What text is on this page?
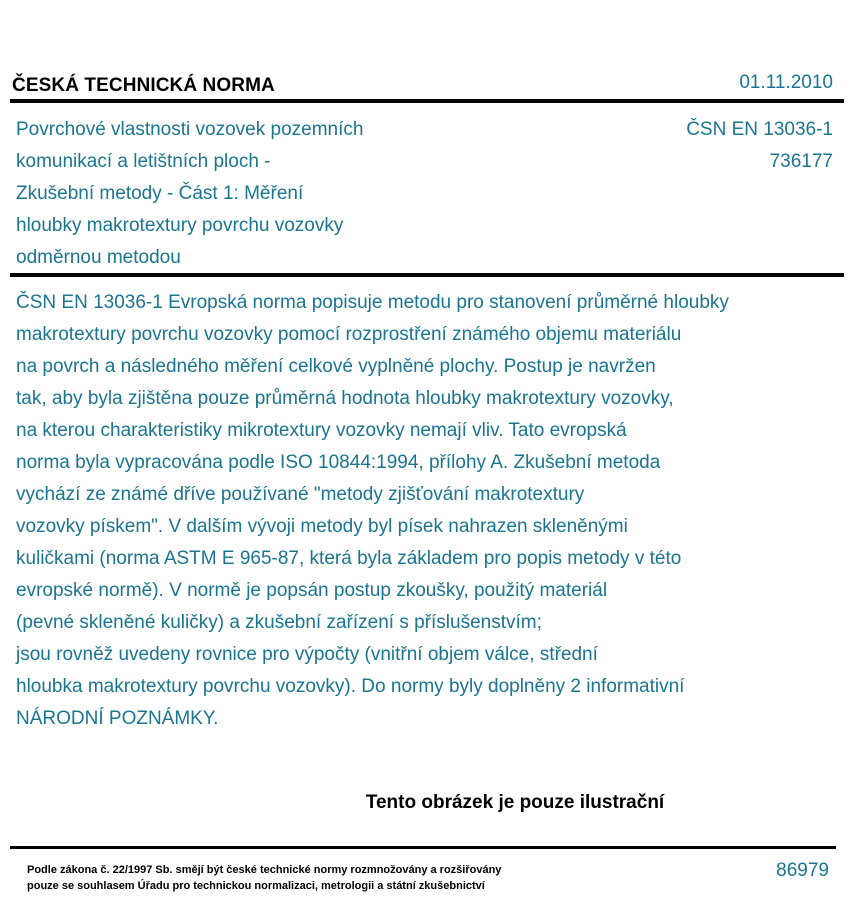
ČESKÁ TECHNICKÁ NORMA	01.11.2010
Povrchové vlastnosti vozovek pozemních
komunikací a letištních ploch -
Zkušební metody - Část 1: Měření
hloubky makrotextury povrchu vozovky
odměrnou metodou
ČSN EN 13036-1
736177
ČSN EN 13036-1 Evropská norma popisuje metodu pro stanovení průměrné hloubky
makrotextury povrchu vozovky pomocí rozprostření známého objemu materiálu
na povrch a následného měření celkové vyplněné plochy. Postup je navržen
tak, aby byla zjištěna pouze průměrná hodnota hloubky makrotextury vozovky,
na kterou charakteristiky mikrotextury vozovky nemají vliv. Tato evropská
norma byla vypracována podle ISO 10844:1994, přílohy A. Zkušební metoda
vychází ze známé dříve používané "metody zjišťování makrotextury
vozovky pískem". V dalším vývoji metody byl písek nahrazen skleněnými
kuličkami (norma ASTM E 965-87, která byla základem pro popis metody v této
evropské normě). V normě je popsán postup zkoušky, použitý materiál
(pevné skleněné kuličky) a zkušební zařízení s příslušenstvím;
jsou rovněž uvedeny rovnice pro výpočty (vnitřní objem válce, střední
hloubka makrotextury povrchu vozovky). Do normy byly doplněny 2 informativní
NÁRODNÍ POZNÁMKY.
Tento obrázek je pouze ilustrační
Podle zákona č. 22/1997 Sb. smějí být české technické normy rozmnožovány a rozšiřovány
pouze se souhlasem Úřadu pro technickou normalizaci, metrologii a státní zkušebnictví
86979
